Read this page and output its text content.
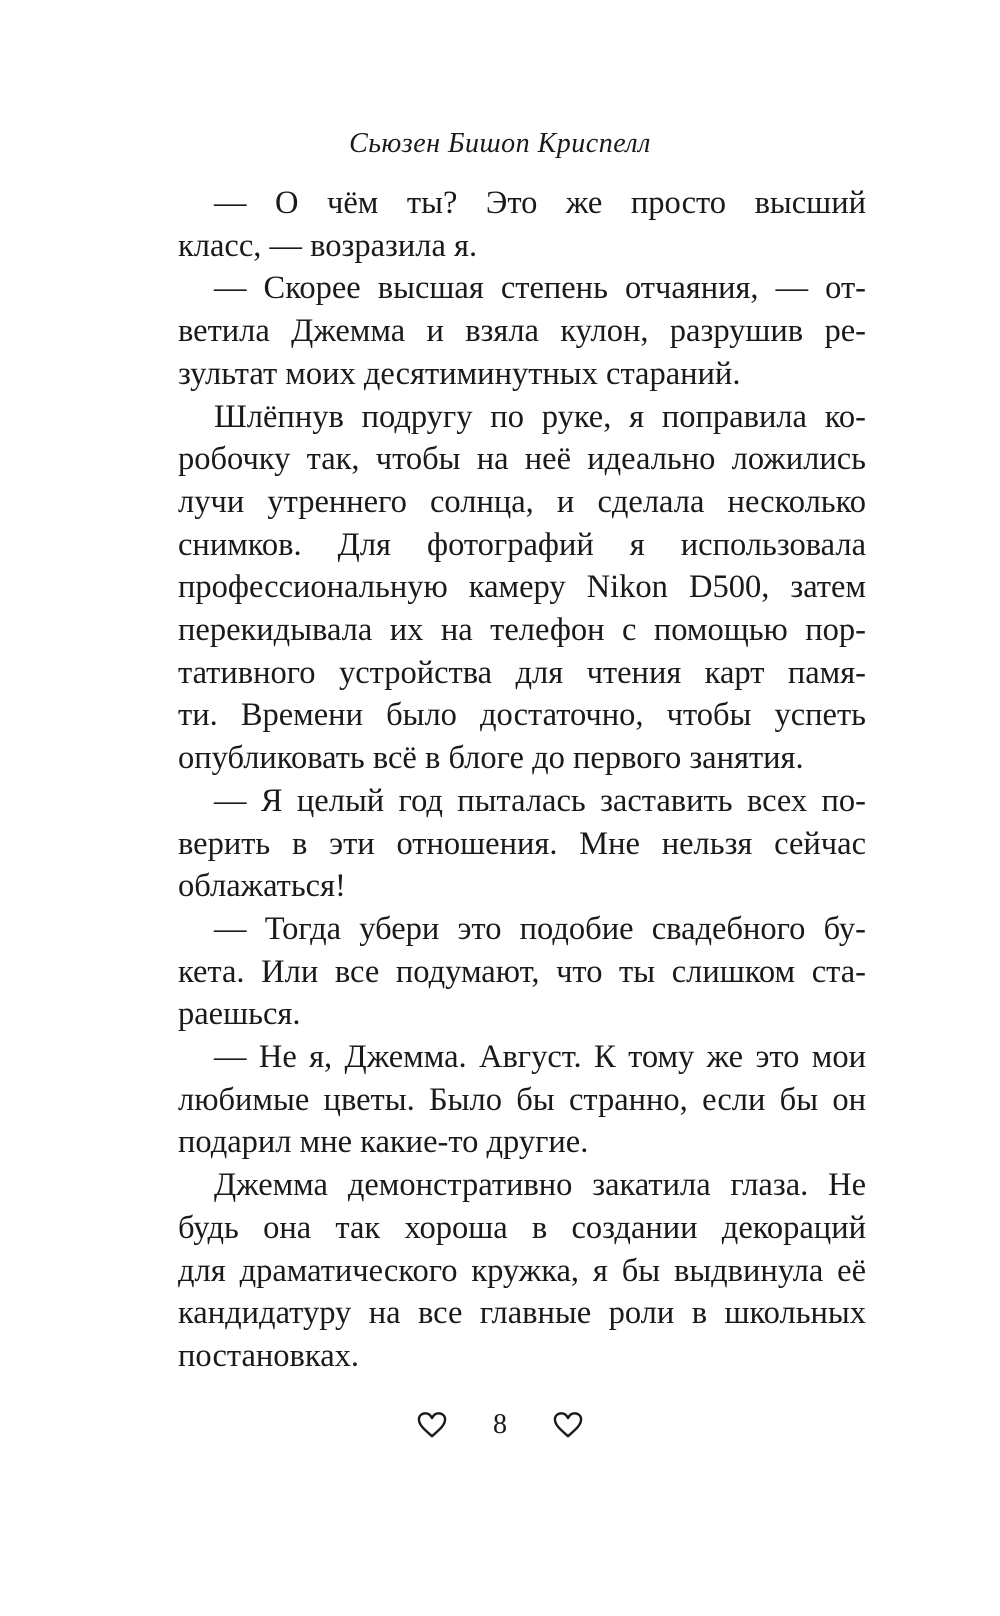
Сьюзен Бишоп Криспелл
— О чём ты? Это же просто высший
класс, — возразила я.
— Скорее высшая степень отчаяния, — от-
ветила Джемма и взяла кулон, разрушив ре-
зультат моих десятиминутных стараний.
Шлёпнув подругу по руке, я поправила ко-
робочку так, чтобы на неё идеально ложились
лучи утреннего солнца, и сделала несколько
снимков. Для фотографий я использовала
профессиональную камеру Nikon D500, затем
перекидывала их на телефон с помощью пор-
тативного устройства для чтения карт памя-
ти. Времени было достаточно, чтобы успеть
опубликовать всё в блоге до первого занятия.
— Я целый год пыталась заставить всех по-
верить в эти отношения. Мне нельзя сейчас
облажаться!
— Тогда убери это подобие свадебного бу-
кета. Или все подумают, что ты слишком ста-
раешься.
— Не я, Джемма. Август. К тому же это мои
любимые цветы. Было бы странно, если бы он
подарил мне какие-то другие.
Джемма демонстративно закатила глаза. Не
будь она так хороша в создании декораций
для драматического кружка, я бы выдвинула её
кандидатуру на все главные роли в школьных
постановках.
8
